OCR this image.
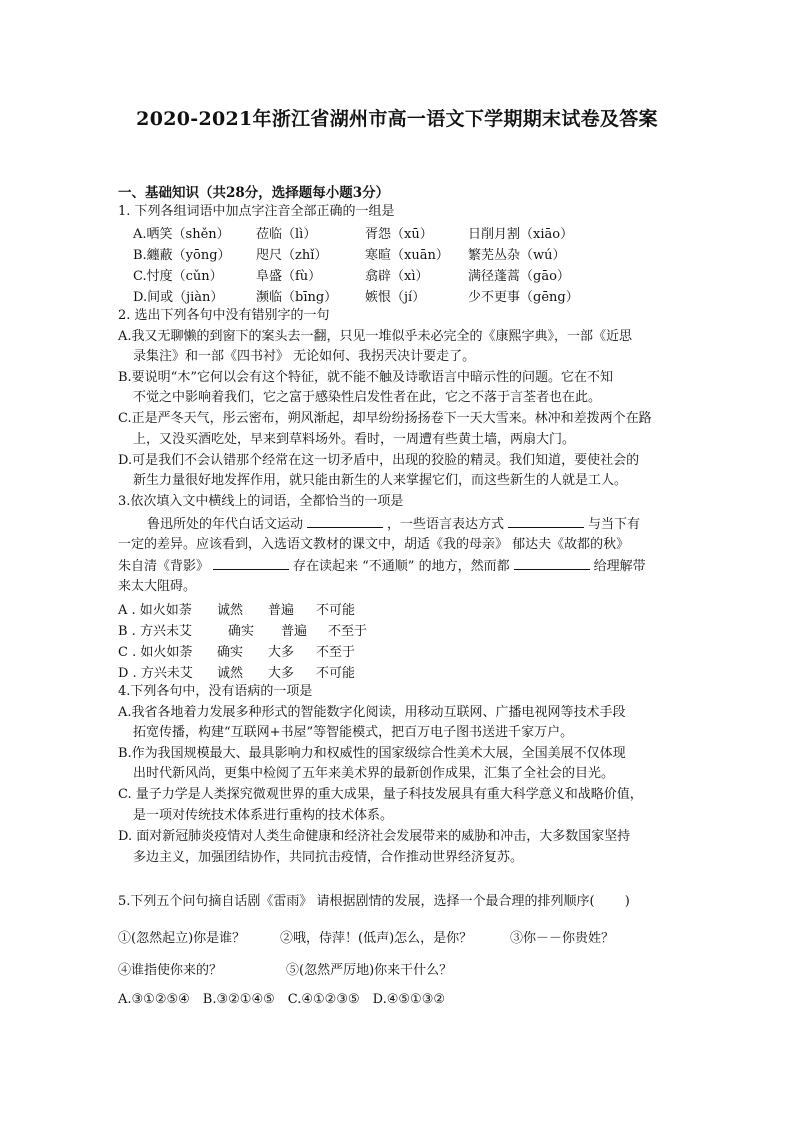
2020-2021年浙江省湖州市高一语文下学期期末试卷及答案
一、基础知识（共28分，选择题每小题3分）
1. 下列各组词语中加点字注音全部正确的一组是
A.哂笑（shěn） 莅临（lì）	胥怨（xū）	日削月割（xiāo）
B.纏蔽（yōng） 咫尺（zhǐ）	寒暄（xuān） 繁芜丛杂（wú）
C.忖度（cǔn）	阜盛（fù）	翕辟（xì）	满径蓬蒿（gāo）
D.间或（jiàn）	濒临（bīng） 嫉恨（jí）	少不更事（gēng）
2. 选出下列各句中没有错别字的一句
A.我又无聊懒的到窗下的案头去一翻，只见一堆似乎未必完全的《康熙字典》，一部《近思
录集注》和一部《四书衬》 无论如何、我拐兲决计要走了。
B.要说明“木”它何以会有这个特征，就不能不触及诗歌语言中暗示性的问题。它在不知
不觉之中影响着我们，它之富于感染性启发性者在此，它之不落于言荃者也在此。
C.正是严冬天气，彤云密布，朔风渐起，却早纷纷扬扬卷下一天大雪来。林冲和差拨两个在路
上，又没买酒吃处，早来到草料场外。看时，一周遭有些黄土墙，两扇大门。
D.可是我们不会认错那个经常在这一切矛盾中，出现的狡脸的精灵。我们知道，要使社会的
新生力量很好地发挥作用，就只能由新生的人来掌握它们，而这些新生的人就是工人。
3.依次填入文中横线上的词语，全都恰当的一项是
鲁迅所处的年代白话文运动	，一些语言表达方式	与当下有
一定的差异。应该看到，入选语文教材的课文中，胡适《我的母亲》 郁达夫《故都的秋》
朱自清《背影》	存在读起来 “不通顺” 的地方，然而都	给理解带
来太大阻碍。
A . 如火如荼 诚然 普遍 不可能
B . 方兴未艾	确实 普遍 不至于
C . 如火如荼 确实 大多 不至于
D . 方兴未艾 诚然 大多 不可能
4.下列各句中，没有语病的一项是
A.我省各地着力发展多种形式的智能数字化阅读，用移动互联网、广播电视网等技术手段
拓宽传播，构建“互联网+书屋”等智能模式，把百万电子图书送进千家万户。
B.作为我国规模最大、最具影响力和权威性的国家级综合性美术大展，全国美展不仅体现
出时代新风尚，更集中检阅了五年来美术界的最新创作成果，汇集了全社会的目光。
C. 量子力学是人类探究微观世界的重大成果，量子科技发展具有重大科学意义和战略价值，
是一项对传统技术体系进行重构的技术体系。
D. 面对新冠肺炎疫情对人类生命健康和经济社会发展带来的威胁和冲击，大多数国家坚持
多边主义，加强团结协作，共同抗击疫情，合作推动世界经济复苏。
5.下列五个问句摘自话剧《雷雨》 请根据剧情的发展，选择一个最合理的排列顺序(　　 )
①(忽然起立)你是谁？	②哦，侍萍！(低声)怎么，是你？	③你－－你贵姓？
④谁指使你来的？	⑤(忽然严厉地)你来干什么？
A.③①②⑤④　B.③②①④⑤　C.④①②③⑤　D.④⑤①③②
